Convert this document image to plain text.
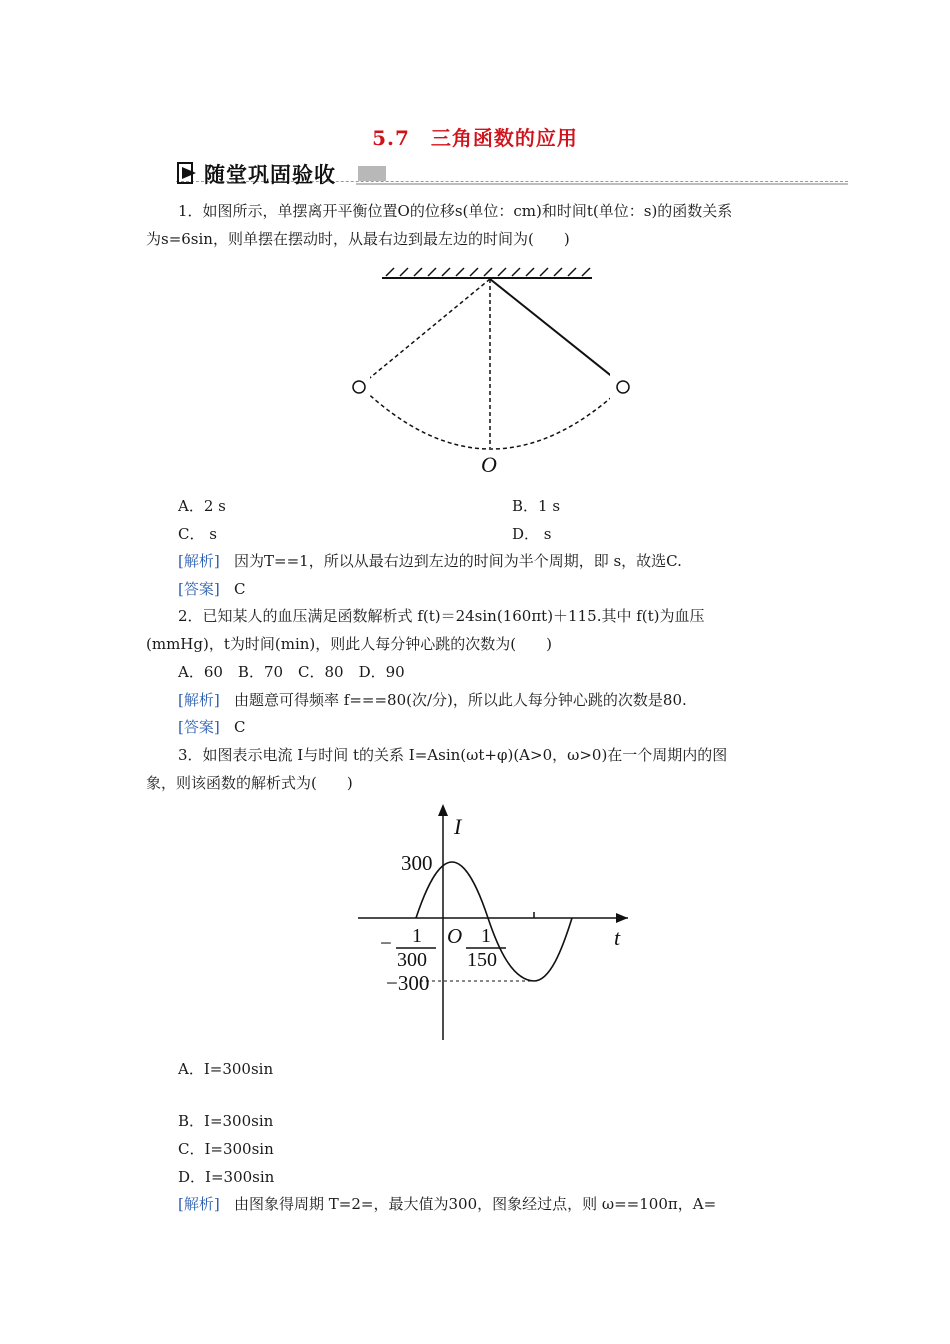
5.7　三角函数的应用
随堂巩固验收
1．如图所示，单摆离开平衡位置O的位移s(单位：cm)和时间t(单位：s)的函数关系
为s=6sin，则单摆在摆动时，从最右边到最左边的时间为(　　)
O
A．2 s	B．1 s
C． s	D． s
[解析] 因为T==1，所以从最右边到左边的时间为半个周期，即 s，故选C.
[答案] C
2．已知某人的血压满足函数解析式 f(t)＝24sin(160πt)＋115.其中 f(t)为血压
(mmHg)，t为时间(min)，则此人每分钟心跳的次数为(　　)
A．60　B．70　C．80　D．90
[解析] 由题意可得频率 f===80(次/分)，所以此人每分钟心跳的次数是80.
[答案] C
3．如图表示电流 I与时间 t的关系 I=Asin(ωt+φ)(A>0，ω>0)在一个周期内的图
象，则该函数的解析式为(　　)
I
t
300
−300
O
− 1
300
1
150
A．I=300sin
B．I=300sin
C．I=300sin
D．I=300sin
[解析] 由图象得周期 T=2=，最大值为300，图象经过点，则 ω==100π，A=
